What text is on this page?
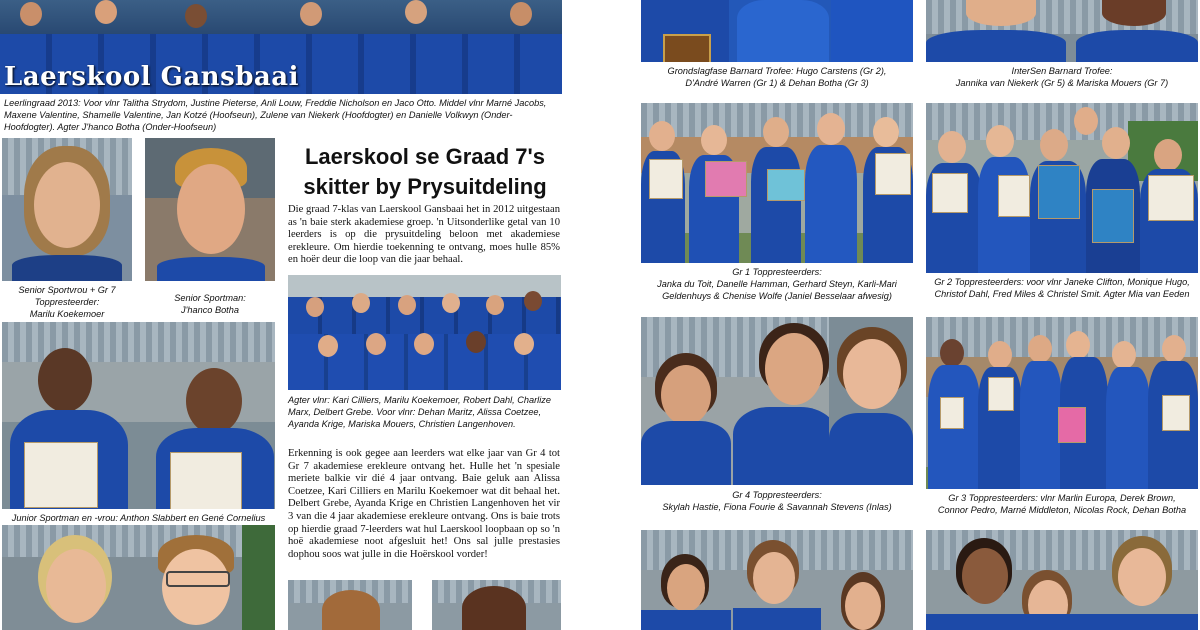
Laerskool Gansbaai
Leerlingraad 2013: Voor vlnr Talitha Strydom, Justine Pieterse, Anli Louw, Freddie Nicholson en Jaco Otto. Middel vlnr Marné Jacobs, Maxene Valentine, Shamelle Valentine, Jan Kotzé (Hoofseun), Zulene van Niekerk (Hoofdogter) en Danielle Volkwyn (Onder-Hoofdogter). Agter J'hanco Botha (Onder-Hoofseun)
Senior Sportvrou + Gr 7
Toppresteerder:
Marilu Koekemoer
Senior Sportman:
J'hanco Botha
Junior Sportman en -vrou: Anthon Slabbert en Gené Cornelius
Laerskool se Graad 7's
skitter by Prysuitdeling
Die graad 7-klas van Laerskool Gansbaai het in 2012 uitgestaan as 'n baie sterk akademiese groep. 'n Uitsonderlike getal van 10 leerders is op die prysuitdeling beloon met akademiese erekleure. Om hierdie toekenning te ontvang, moes hulle 85% en hoër deur die loop van die jaar behaal.
Agter vlnr: Kari Cilliers, Marilu Koekemoer, Robert Dahl, Charlize Marx, Delbert Grebe. Voor vlnr: Dehan Maritz, Alissa Coetzee, Ayanda Krige, Mariska Mouers, Christien Langenhoven.
Erkenning is ook gegee aan leerders wat elke jaar van Gr 4 tot Gr 7 akademiese erekleure ontvang het. Hulle het 'n spesiale meriete balkie vir dié 4 jaar ontvang. Baie geluk aan Alissa Coetzee, Kari Cilliers en Marilu Koekemoer wat dit behaal het. Delbert Grebe, Ayanda Krige en Christien Langenhoven het vir 3 van die 4 jaar akademiese erekleure ontvang. Ons is baie trots op hierdie graad 7-leerders wat hul Laerskool loopbaan op so 'n hoë akademiese noot afgesluit het! Ons sal julle prestasies dophou soos wat julle in die Hoërskool vorder!
Grondslagfase Barnard Trofee: Hugo Carstens (Gr 2),
D'André Warren (Gr 1) & Dehan Botha (Gr 3)
InterSen Barnard Trofee:
Jannika van Niekerk (Gr 5) & Mariska Mouers (Gr 7)
Gr 1 Toppresteerders:
Janka du Toit, Danelle Hamman, Gerhard Steyn, Karli-Mari
Geldenhuys & Chenise Wolfe (Janiel Besselaar afwesig)
Gr 2 Toppresteerders: voor vlnr Janeke Clifton, Monique Hugo,
Christof Dahl, Fred Miles & Christel Smit. Agter Mia van Eeden
Gr 4 Toppresteerders:
Skylah Hastie, Fiona Fourie & Savannah Stevens (Inlas)
Gr 3 Toppresteerders: vlnr Marlin Europa, Derek Brown,
Connor Pedro, Marné Middleton, Nicolas Rock, Dehan Botha
